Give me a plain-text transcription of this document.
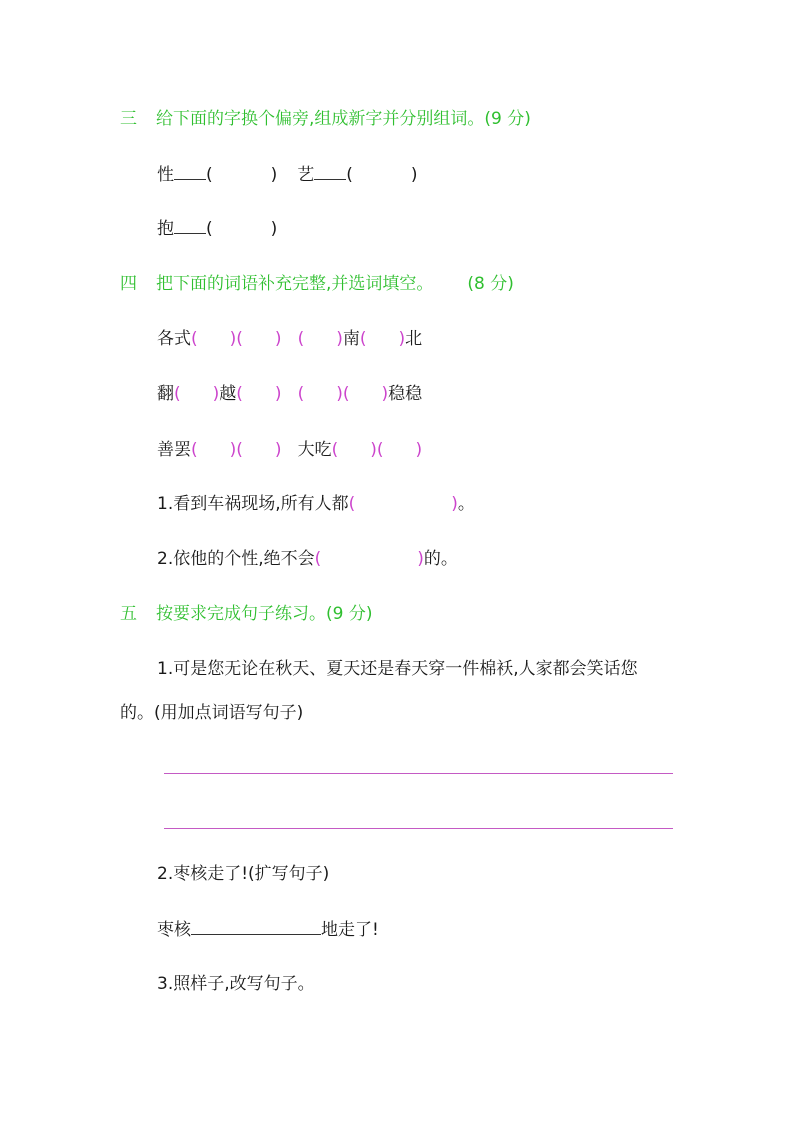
三 给下面的字换个偏旁,组成新字并分别组词。(9 分)
性 (	) 艺 (	)
抱 (	)
四 把下面的词语补充完整,并选词填空。 (8 分)
各式( )( ) ( )南( )北
翻( )越( ) ( )( )稳稳
善罢( )( ) 大吃( )( )
1.看到车祸现场,所有人都(	)。
2.依他的个性,绝不会(	)的。
五 按要求完成句子练习。(9 分)
1.可是您无论在秋天、夏天还是春天穿一件棉袄,人家都会笑话您
的。(用加点词语写句子)
2.枣核走了!(扩写句子)
枣核	地走了!
3.照样子,改写句子。
